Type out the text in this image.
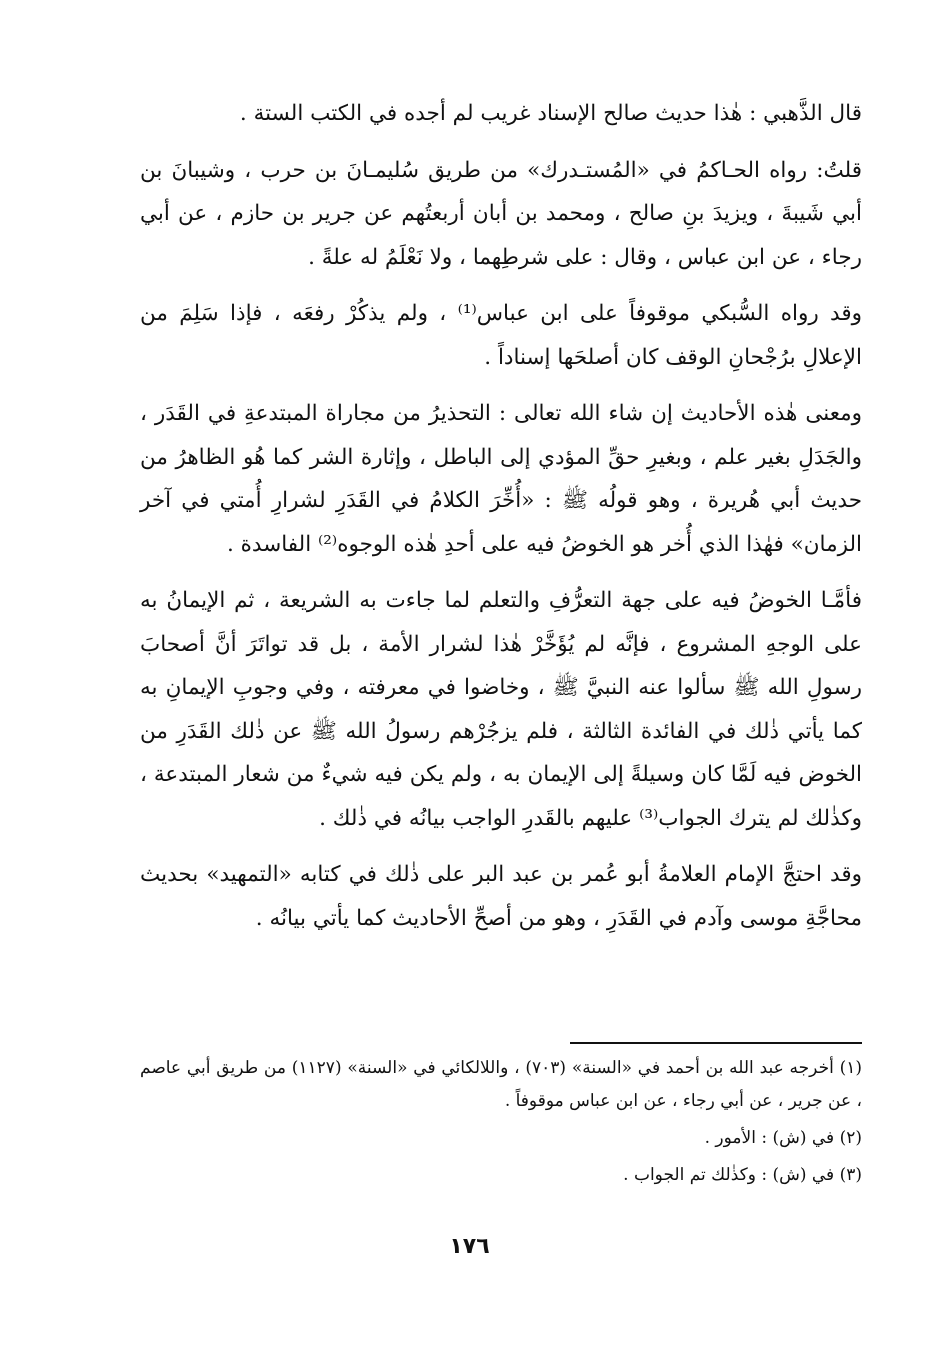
قال الذَّهبي : هٰذا حديث صالح الإسناد غريب لم أجده في الكتب الستة .

قلتُ: رواه الحـاكمُ في «المُستـدرك» من طريق سُليمـانَ بن حرب ، وشيبانَ بن أبي شَيبةَ ، ويزيدَ بنِ صالح ، ومحمد بن أبان أربعتُهم عن جرير بن حازم ، عن أبي رجاء ، عن ابن عباس ، وقال : على شرطِهما ، ولا نَعْلَمُ له علةً .

وقد رواه السُّبكي موقوفاً على ابن عباس⁽¹⁾ ، ولم يذكُرْ رفعَه ، فإذا سَلِمَ من الإعلالِ برُجْحانِ الوقف كان أصلحَها إسناداً .

ومعنى هٰذه الأحاديث إن شاء الله تعالى : التحذيرُ من مجاراة المبتدعةِ في القَدَر ، والجَدَلِ بغير علم ، وبغيرِ حقِّ المؤدي إلى الباطل ، وإثارة الشر كما هُو الظاهرُ من حديث أبي هُريرة ، وهو قولُه ﷺ : «أُخِّرَ الكلامُ في القَدَرِ لشرارِ أُمتي في آخر الزمان» فهٰذا الذي أُخر هو الخوضُ فيه على أحدِ هٰذه الوجوه⁽²⁾ الفاسدة .

فأمَّـا الخوضُ فيه على جهة التعرُّفِ والتعلم لما جاءت به الشريعة ، ثم الإيمانُ به على الوجهِ المشروع ، فإنَّه لم يُؤَخَّرْ هٰذا لشرار الأمة ، بل قد تواتَرَ أنَّ أصحابَ رسولِ الله ﷺ سألوا عنه النبيَّ ﷺ ، وخاضوا في معرفته ، وفي وجوبِ الإيمانِ به كما يأتي ذٰلك في الفائدة الثالثة ، فلم يزجُرْهم رسولُ الله ﷺ عن ذٰلك القَدَرِ من الخوض فيه لَمَّا كان وسيلةً إلى الإيمان به ، ولم يكن فيه شيءٌ من شعار المبتدعة ، وكذٰلك لم يترك الجواب⁽³⁾ عليهم بالقَدرِ الواجب بيانُه في ذٰلك .

وقد احتجَّ الإمام العلامةُ أبو عُمر بن عبد البر على ذٰلك في كتابه «التمهيد» بحديث محاجَّةِ موسى وآدم في القَدَرِ ، وهو من أصحِّ الأحاديث كما يأتي بيانُه .

(١) أخرجه عبد الله بن أحمد في «السنة» (٧٠٣) ، واللالكائي في «السنة» (١١٢٧) من طريق أبي عاصم ، عن جرير ، عن أبي رجاء ، عن ابن عباس موقوفاً .

(٢) في (ش) : الأمور .

(٣) في (ش) : وكذٰلك تم الجواب .

١٧٦
